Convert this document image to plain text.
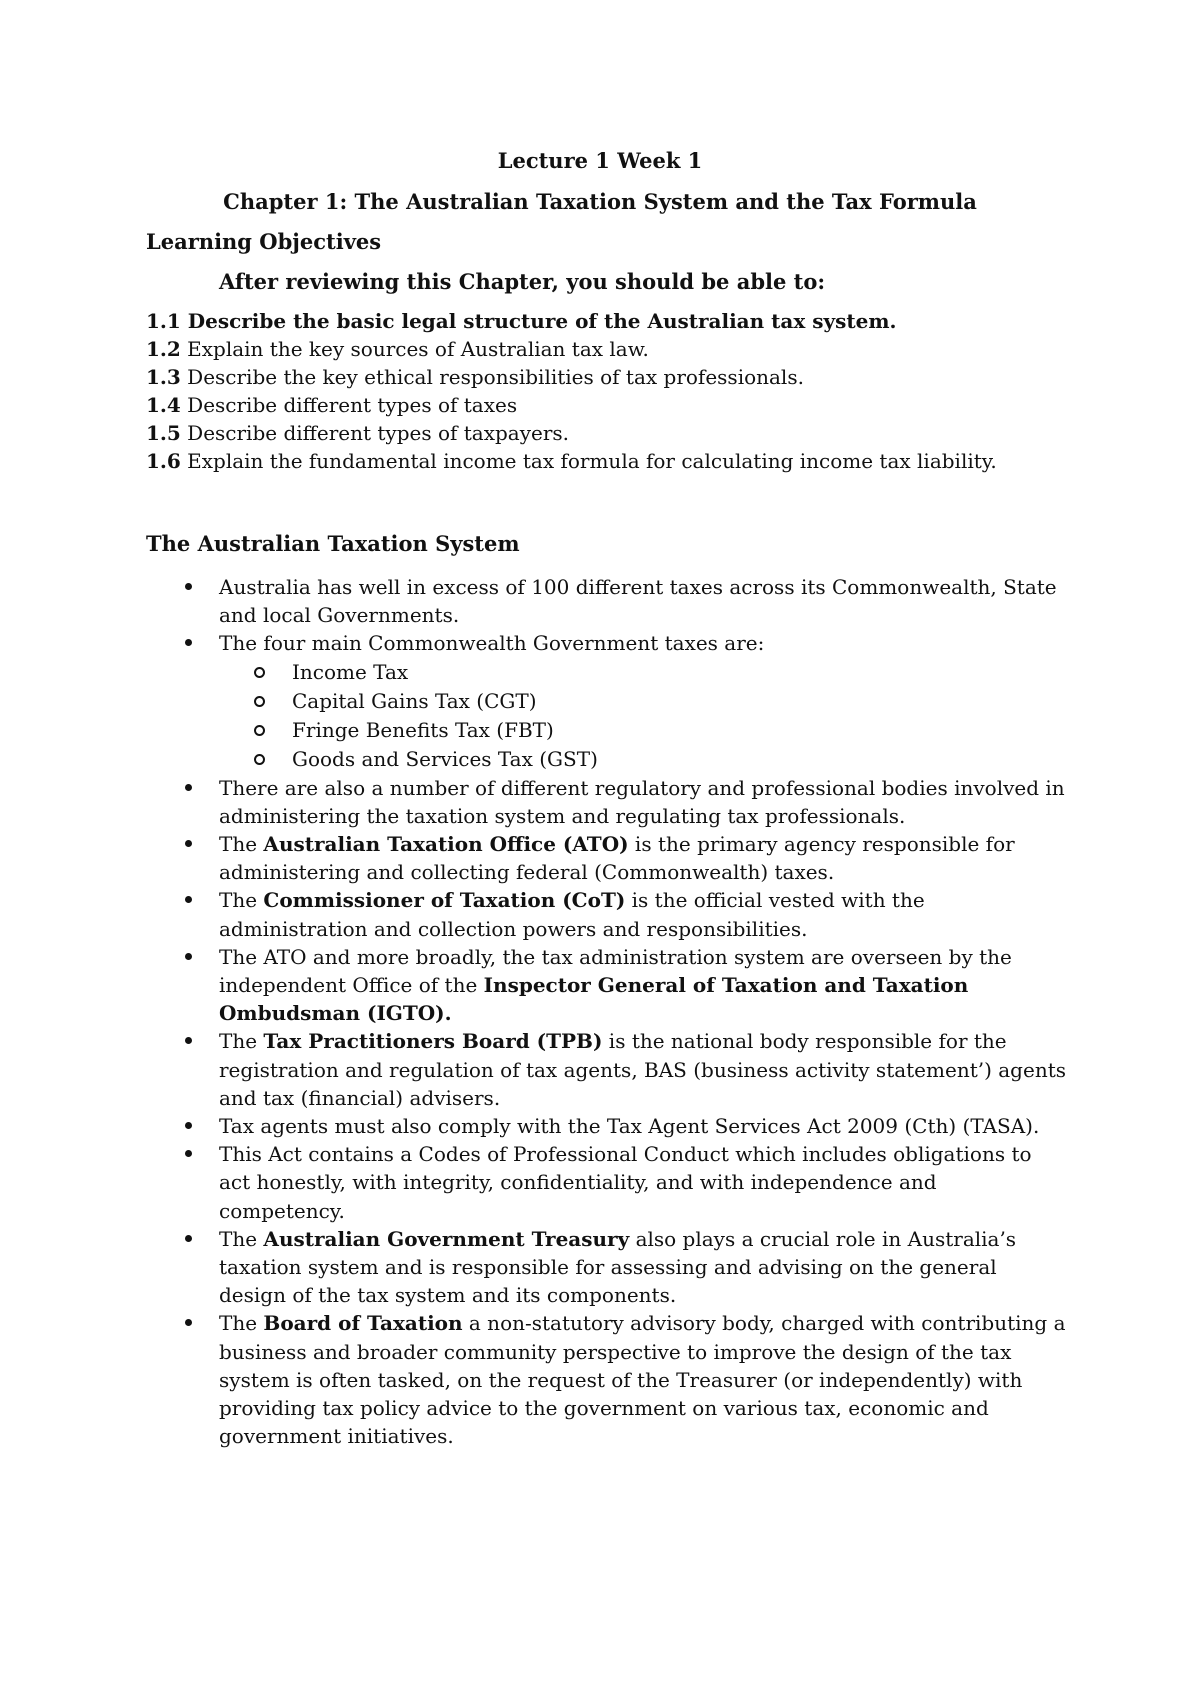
Lecture 1 Week 1
Chapter 1: The Australian Taxation System and the Tax Formula
Learning Objectives
After reviewing this Chapter, you should be able to:
1.1 Describe the basic legal structure of the Australian tax system.
1.2 Explain the key sources of Australian tax law.
1.3 Describe the key ethical responsibilities of tax professionals.
1.4 Describe different types of taxes
1.5 Describe different types of taxpayers.
1.6 Explain the fundamental income tax formula for calculating income tax liability.
The Australian Taxation System
Australia has well in excess of 100 different taxes across its Commonwealth, State and local Governments.
The four main Commonwealth Government taxes are:
Income Tax
Capital Gains Tax (CGT)
Fringe Benefits Tax (FBT)
Goods and Services Tax (GST)
There are also a number of different regulatory and professional bodies involved in administering the taxation system and regulating tax professionals.
The Australian Taxation Office (ATO) is the primary agency responsible for administering and collecting federal (Commonwealth) taxes.
The Commissioner of Taxation (CoT) is the official vested with the administration and collection powers and responsibilities.
The ATO and more broadly, the tax administration system are overseen by the independent Office of the Inspector General of Taxation and Taxation Ombudsman (IGTO).
The Tax Practitioners Board (TPB) is the national body responsible for the registration and regulation of tax agents, BAS (business activity statement’) agents and tax (financial) advisers.
Tax agents must also comply with the Tax Agent Services Act 2009 (Cth) (TASA).
This Act contains a Codes of Professional Conduct which includes obligations to act honestly, with integrity, confidentiality, and with independence and competency.
The Australian Government Treasury also plays a crucial role in Australia’s taxation system and is responsible for assessing and advising on the general design of the tax system and its components.
The Board of Taxation a non-statutory advisory body, charged with contributing a business and broader community perspective to improve the design of the tax system is often tasked, on the request of the Treasurer (or independently) with providing tax policy advice to the government on various tax, economic and government initiatives.
